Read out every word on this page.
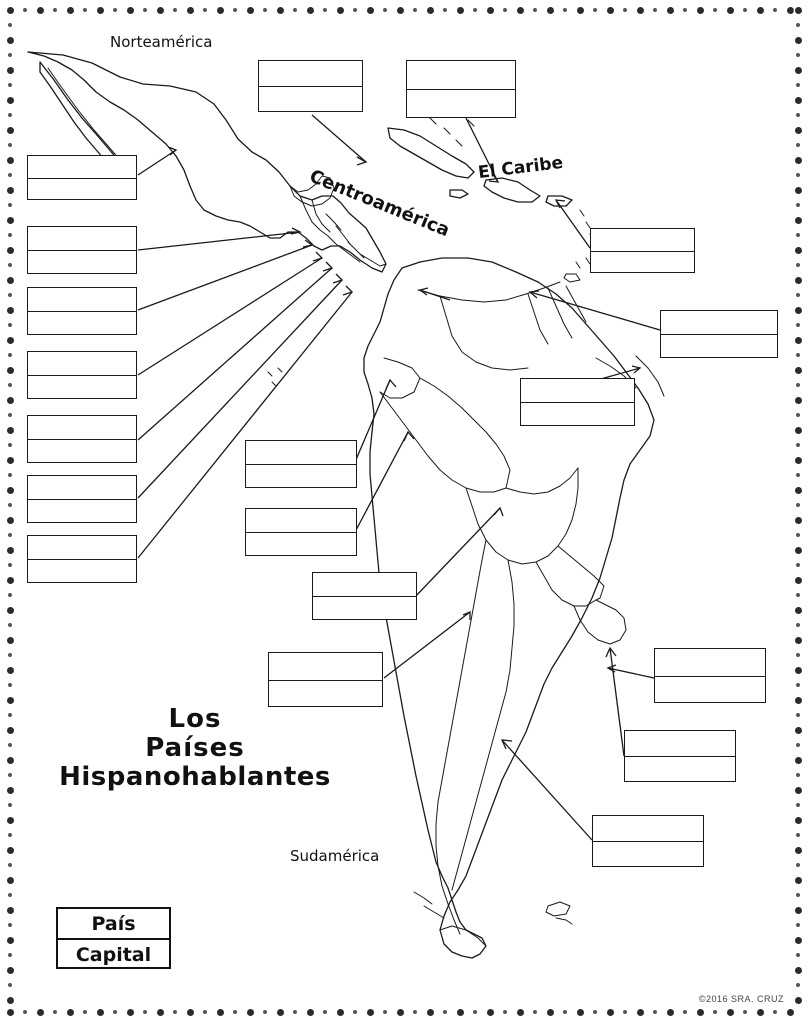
Norteamérica
Centroamérica El Caribe
Sudamérica
Los
Países
Hispanohablantes
País
Capital
©2016 SRA. CRUZ
